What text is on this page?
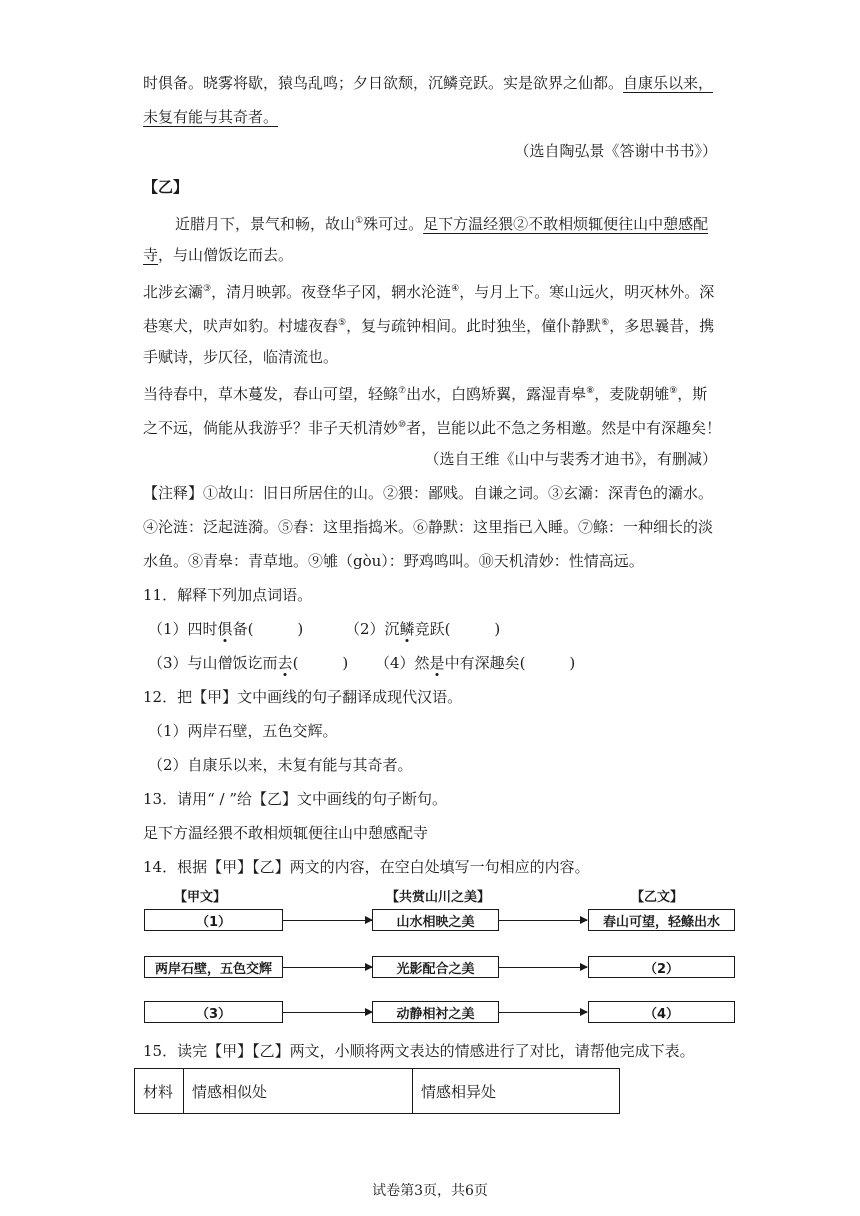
时俱备。晓雾将歇，猿鸟乱鸣；夕日欲颓，沉鳞竞跃。实是欲界之仙都。自康乐以来，
未复有能与其奇者。
（选自陶弘景《答谢中书书》）
【乙】
近腊月下，景气和畅，故山①殊可过。足下方温经猥②不敢相烦辄便往山中憩感配
寺，与山僧饭讫而去。
北涉玄灞③，清月映郭。夜登华子冈，辋水沦涟④，与月上下。寒山远火，明灭林外。深
巷寒犬，吠声如豹。村墟夜舂⑤，复与疏钟相间。此时独坐，僮仆静默⑥，多思曩昔，携
手赋诗，步仄径，临清流也。
当待春中，草木蔓发，春山可望，轻鲦⑦出水，白鸥矫翼，露湿青皋⑧，麦陇朝雊⑨，斯
之不远，倘能从我游乎？非子天机清妙⑩者，岂能以此不急之务相邀。然是中有深趣矣！
（选自王维《山中与裴秀才迪书》，有删减）
【注释】①故山：旧日所居住的山。②猥：鄙贱。自谦之词。③玄灞：深青色的灞水。
④沦涟：泛起涟漪。⑤舂：这里指捣米。⑥静默：这里指已入睡。⑦鲦：一种细长的淡
水鱼。⑧青皋：青草地。⑨雊（gòu）：野鸡鸣叫。⑩天机清妙：性情高远。
11．解释下列加点词语。
（1）四时俱备(	)	（2）沉鳞竞跃(	)
（3）与山僧饭讫而去(	) （4）然是中有深趣矣(	)
12．把【甲】文中画线的句子翻译成现代汉语。
（1）两岸石壁，五色交辉。
（2）自康乐以来，未复有能与其奇者。
13．请用“ / ”给【乙】文中画线的句子断句。
足下方温经猥不敢相烦辄便往山中憩感配寺
14．根据【甲】【乙】两文的内容，在空白处填写一句相应的内容。
【甲文】	【共赏山川之美】	【乙文】
（1）	山水相映之美	春山可望，轻鲦出水
两岸石壁，五色交辉	光影配合之美	（2）
（3）	动静相衬之美	（4）
15．读完【甲】【乙】两文，小顺将两文表达的情感进行了对比，请帮他完成下表。
材料	情感相似处	情感相异处
试卷第3页，共6页
